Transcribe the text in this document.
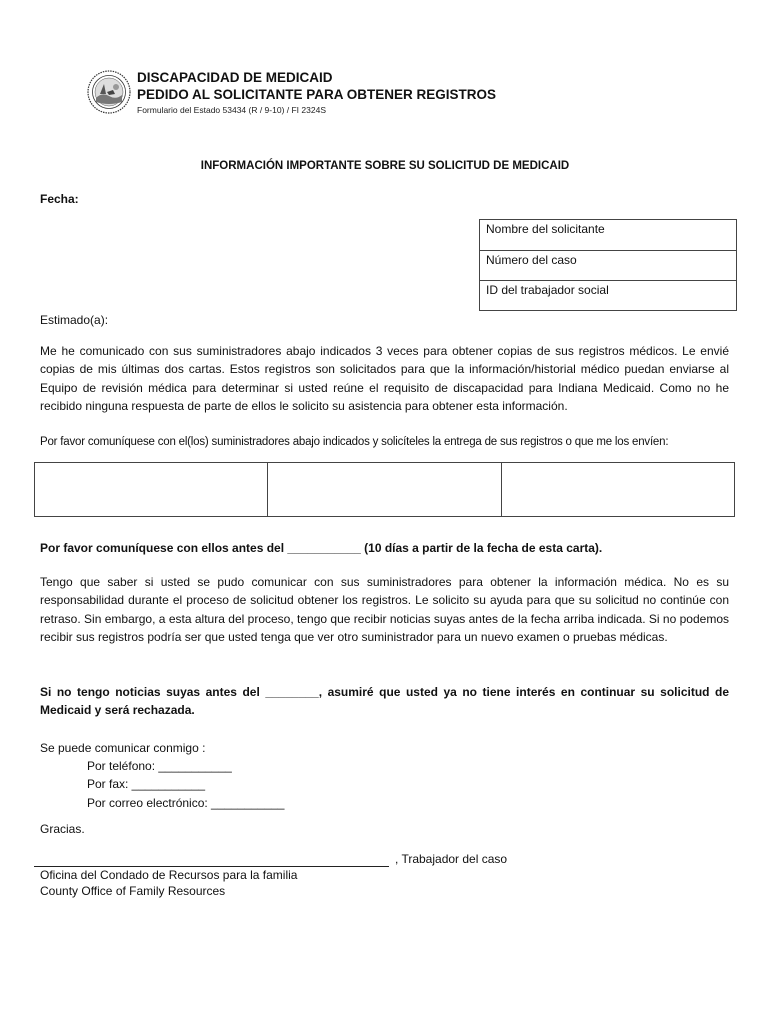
DISCAPACIDAD DE MEDICAID
PEDIDO AL SOLICITANTE PARA OBTENER REGISTROS
Formulario del Estado 53434 (R / 9-10) / FI 2324S
INFORMACIÓN IMPORTANTE SOBRE SU SOLICITUD DE MEDICAID
Fecha:
Nombre del solicitante
Número del caso
ID del trabajador social
Estimado(a):
Me he comunicado con sus suministradores abajo indicados 3 veces para obtener copias de sus registros médicos. Le envié copias de mis últimas dos cartas. Estos registros son solicitados para que la información/historial médico puedan enviarse al Equipo de revisión médica para determinar si usted reúne el requisito de discapacidad para Indiana Medicaid. Como no he recibido ninguna respuesta de parte de ellos le solicito su asistencia para obtener esta información.
Por favor comuníquese con el(los) suministradores abajo indicados y solicíteles la entrega de sus registros o que me los envíen:
Por favor comuníquese con ellos antes del ___________ (10 días a partir de la fecha de esta carta).
Tengo que saber si usted se pudo comunicar con sus suministradores para obtener la información médica. No es su responsabilidad durante el proceso de solicitud obtener los registros. Le solicito su ayuda para que su solicitud no continúe con retraso. Sin embargo, a esta altura del proceso, tengo que recibir noticias suyas antes de la fecha arriba indicada. Si no podemos recibir sus registros podría ser que usted tenga que ver otro suministrador para un nuevo examen o pruebas médicas.
Si no tengo noticias suyas antes del ________, asumiré que usted ya no tiene interés en continuar su solicitud de Medicaid y será rechazada.
Se puede comunicar conmigo :
Por teléfono: ___________
Por fax: ___________
Por correo electrónico: ___________
Gracias.
, Trabajador del caso
Oficina del Condado de Recursos para la familia
County Office of Family Resources
